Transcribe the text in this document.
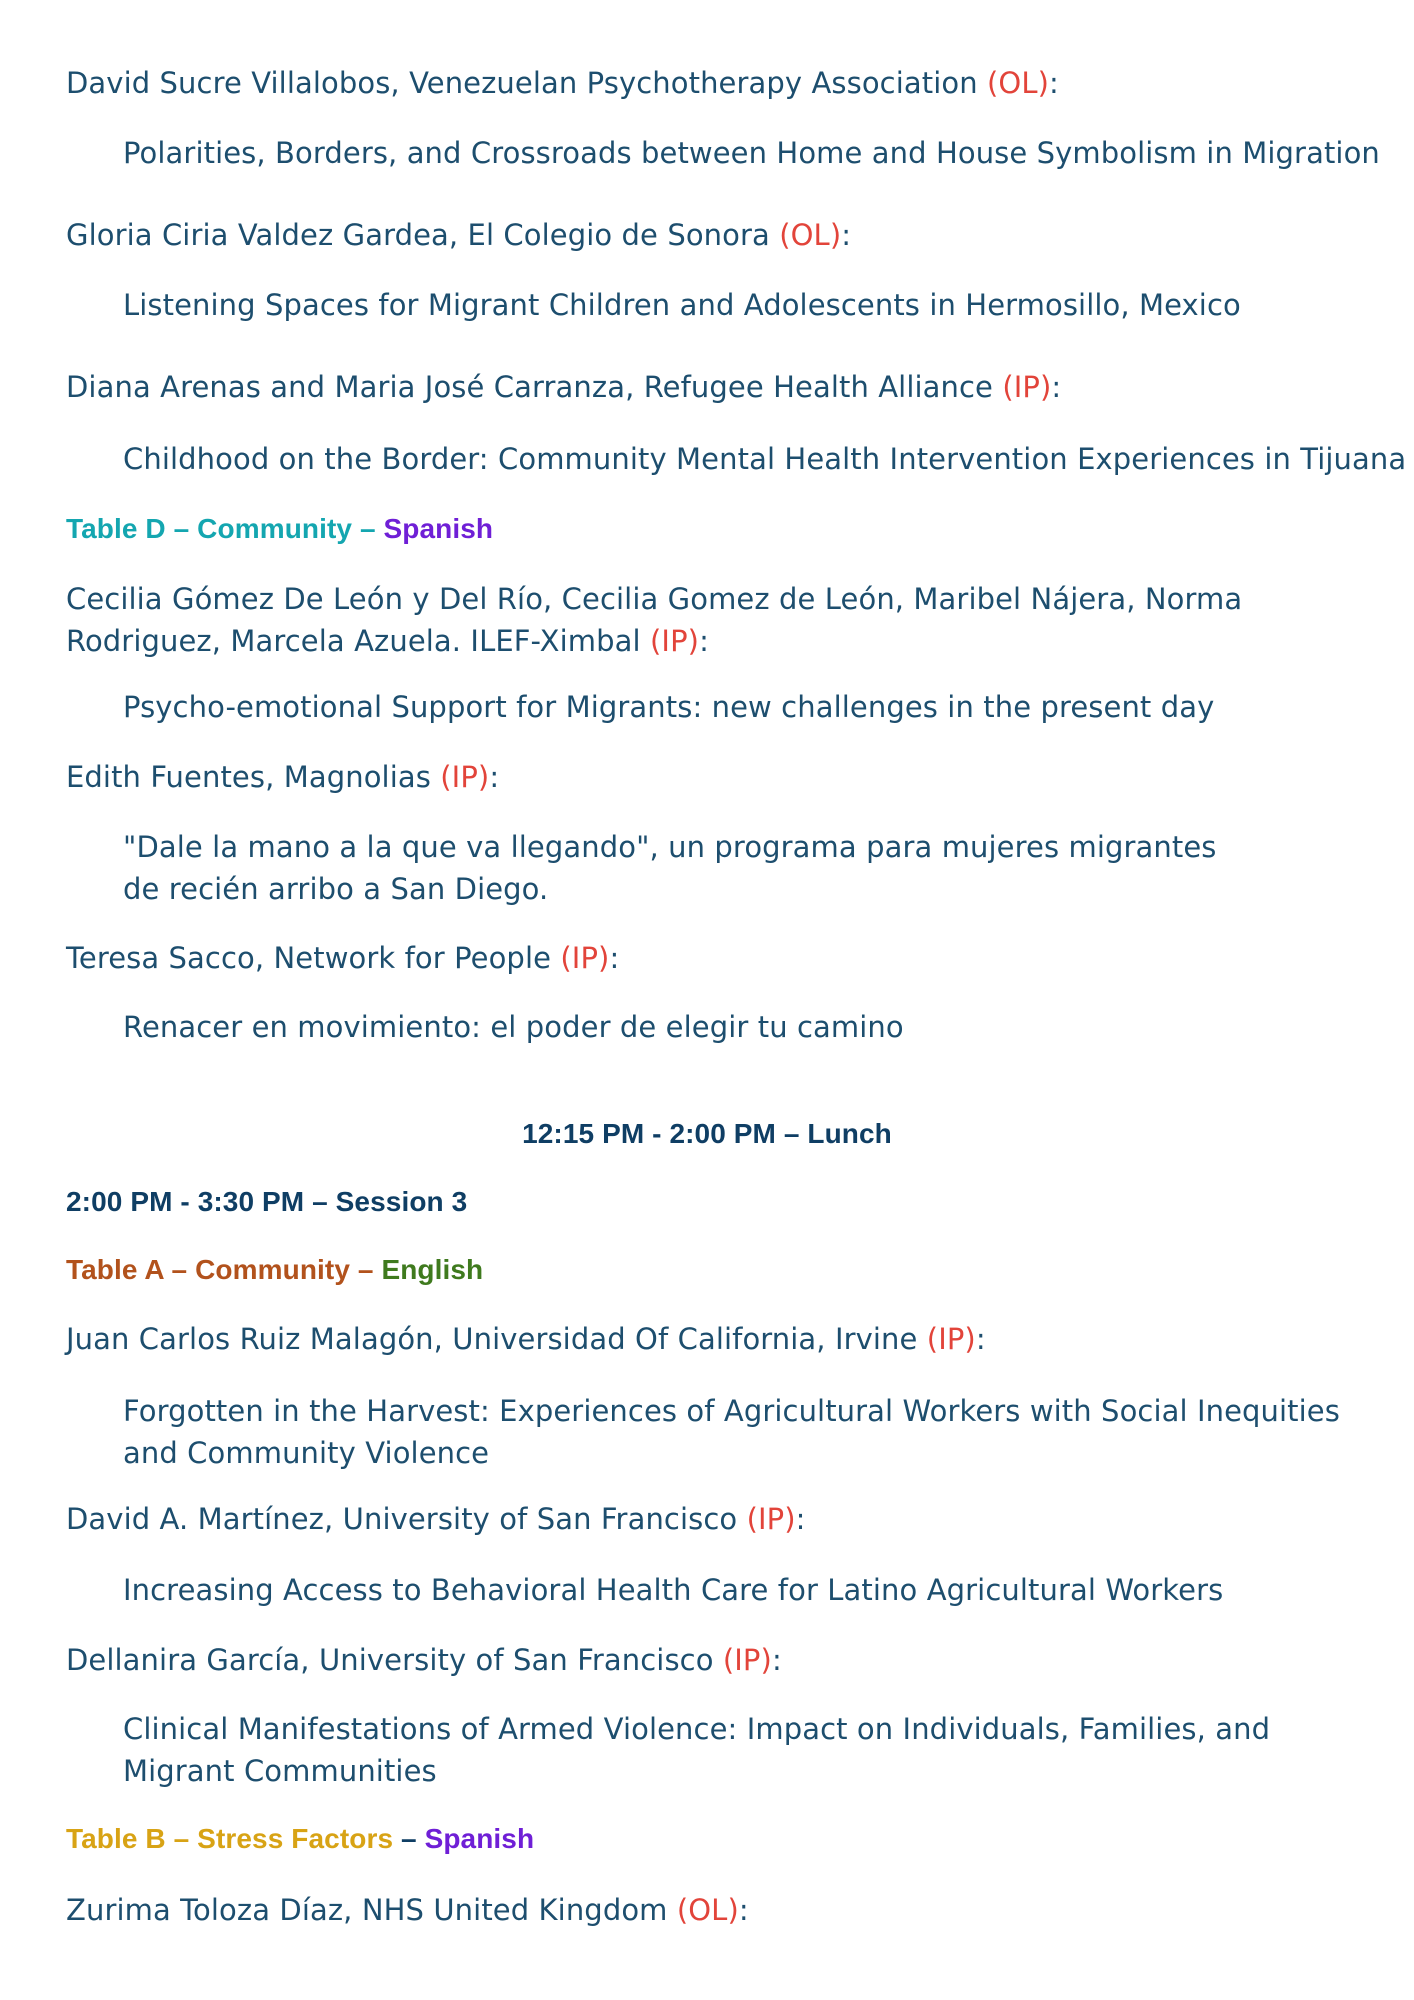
David Sucre Villalobos, Venezuelan Psychotherapy Association (OL):
Polarities, Borders, and Crossroads between Home and House Symbolism in Migration
Gloria Ciria Valdez Gardea, El Colegio de Sonora (OL):
Listening Spaces for Migrant Children and Adolescents in Hermosillo, Mexico
Diana Arenas and Maria José Carranza, Refugee Health Alliance (IP):
Childhood on the Border: Community Mental Health Intervention Experiences in Tijuana
Table D – Community – Spanish
Cecilia Gómez De León y Del Río, Cecilia Gomez de León, Maribel Nájera, Norma Rodriguez, Marcela Azuela. ILEF-Ximbal (IP):
Psycho-emotional Support for Migrants: new challenges in the present day
Edith Fuentes, Magnolias (IP):
"Dale la mano a la que va llegando", un programa para mujeres migrantes de recién arribo a San Diego.
Teresa Sacco, Network for People (IP):
Renacer en movimiento: el poder de elegir tu camino
12:15 PM - 2:00 PM – Lunch
2:00 PM - 3:30 PM – Session 3
Table A – Community – English
Juan Carlos Ruiz Malagón, Universidad Of California, Irvine (IP):
Forgotten in the Harvest: Experiences of Agricultural Workers with Social Inequities and Community Violence
David A. Martínez, University of San Francisco (IP):
Increasing Access to Behavioral Health Care for Latino Agricultural Workers
Dellanira García, University of San Francisco (IP):
Clinical Manifestations of Armed Violence: Impact on Individuals, Families, and Migrant Communities
Table B – Stress Factors – Spanish
Zurima Toloza Díaz, NHS United Kingdom (OL):
